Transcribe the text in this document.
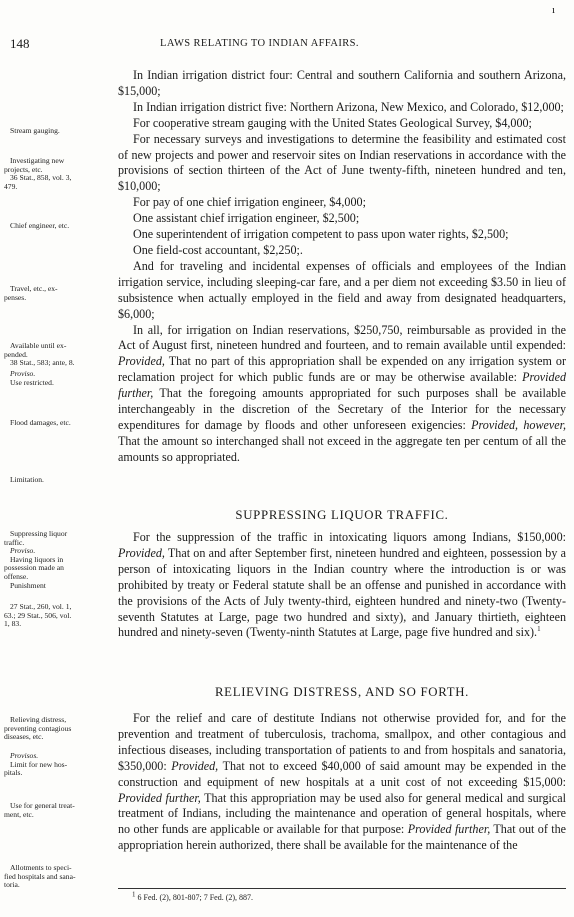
ı
148	LAWS RELATING TO INDIAN AFFAIRS.
Stream gauging.
Investigating new
projects, etc.
36 Stat., 858, vol. 3,
479.
Chief engineer, etc.
Travel, etc., ex-
penses.
Available until ex-
pended.
38 Stat., 583; ante, 8.
Proviso.
Use restricted.
Flood damages, etc.
Limitation.
Suppressing liquor
traffic.
Proviso.
Having liquors in
possession made an
offense.
Punishment
27 Stat., 260, vol. 1,
63.; 29 Stat., 506, vol.
1, 83.
Relieving distress,
preventing contagious
diseases, etc.
Provisos.
Limit for new hos-
pitals.
Use for general treat-
ment, etc.
Allotments to speci-
fied hospitals and sana-
toria.

In Indian irrigation district four: Central and southern California and southern Arizona, $15,000;

In Indian irrigation district five: Northern Arizona, New Mexico, and Colorado, $12,000;

For cooperative stream gauging with the United States Geological Survey, $4,000;

For necessary surveys and investigations to determine the feasibility and estimated cost of new projects and power and reservoir sites on Indian reservations in accordance with the provisions of section thirteen of the Act of June twenty-fifth, nineteen hundred and ten, $10,000;

For pay of one chief irrigation engineer, $4,000;

One assistant chief irrigation engineer, $2,500;

One superintendent of irrigation competent to pass upon water rights, $2,500;

One field-cost accountant, $2,250;.

And for traveling and incidental expenses of officials and employees of the Indian irrigation service, including sleeping-car fare, and a per diem not exceeding $3.50 in lieu of subsistence when actually employed in the field and away from designated headquarters, $6,000;

In all, for irrigation on Indian reservations, $250,750, reimbursable as provided in the Act of August first, nineteen hundred and fourteen, and to remain available until expended: Provided, That no part of this appropriation shall be expended on any irrigation system or reclamation project for which public funds are or may be otherwise available: Provided further, That the foregoing amounts appropriated for such purposes shall be available interchangeably in the discretion of the Secretary of the Interior for the necessary expenditures for damage by floods and other unforeseen exigencies: Provided, however, That the amount so interchanged shall not exceed in the aggregate ten per centum of all the amounts so appropriated.

SUPPRESSING LIQUOR TRAFFIC.

For the suppression of the traffic in intoxicating liquors among Indians, $150,000: Provided, That on and after September first, nineteen hundred and eighteen, possession by a person of intoxicating liquors in the Indian country where the introduction is or was prohibited by treaty or Federal statute shall be an offense and punished in accordance with the provisions of the Acts of July twenty-third, eighteen hundred and ninety-two (Twenty-seventh Statutes at Large, page two hundred and sixty), and January thirtieth, eighteen hundred and ninety-seven (Twenty-ninth Statutes at Large, page five hundred and six).$^1$

RELIEVING DISTRESS, AND SO FORTH.

For the relief and care of destitute Indians not otherwise provided for, and for the prevention and treatment of tuberculosis, trachoma, smallpox, and other contagious and infectious diseases, including transportation of patients to and from hospitals and sanatoria, $350,000: Provided, That not to exceed $40,000 of said amount may be expended in the construction and equipment of new hospitals at a unit cost of not exceeding $15,000: Provided further, That this appropriation may be used also for general medical and surgical treatment of Indians, including the maintenance and operation of general hospitals, where no other funds are applicable or available for that purpose: Provided further, That out of the appropriation herein authorized, there shall be available for the maintenance of the

$^1$ 6 Fed. (2), 801-807; 7 Fed. (2), 887.
